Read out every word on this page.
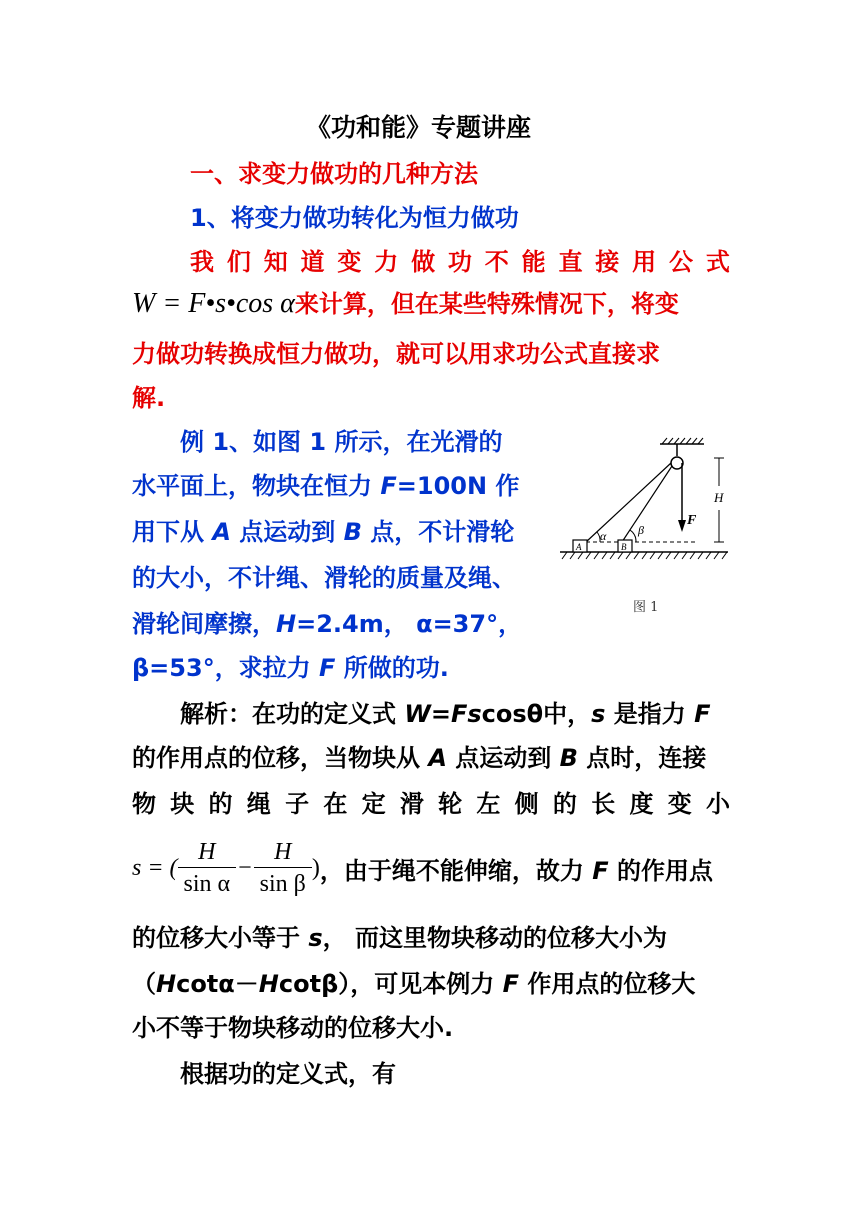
《功和能》专题讲座
一、求变力做功的几种方法
1、将变力做功转化为恒力做功
我 们 知 道 变 力 做 功 不 能 直 接 用 公 式
W = F•s•cos α来计算，但在某些特殊情况下，将变
力做功转换成恒力做功，就可以用求功公式直接求
解.
例 1、如图 1 所示，在光滑的
水平面上，物块在恒力 F=100N 作
用下从 A 点运动到 B 点，不计滑轮
的大小，不计绳、滑轮的质量及绳、
滑轮间摩擦，H=2.4m， α=37°，
β=53°，求拉力 F 所做的功.
F
H
A	B
α	β
图 1
解析：在功的定义式 W=Fscosθ中，s 是指力 F
的作用点的位移，当物块从 A 点运动到 B 点时，连接
物 块 的 绳 子 在 定 滑 轮 左 侧 的 长 度 变 小
s = ( $\frac{H}{\text{sin α}} - \frac{H}{\text{sin β}}$ ) ，由于绳不能伸缩，故力 F 的作用点
的位移大小等于 s， 而这里物块移动的位移大小为
（Hcotα－Hcotβ），可见本例力 F 作用点的位移大
小不等于物块移动的位移大小.
根据功的定义式，有
